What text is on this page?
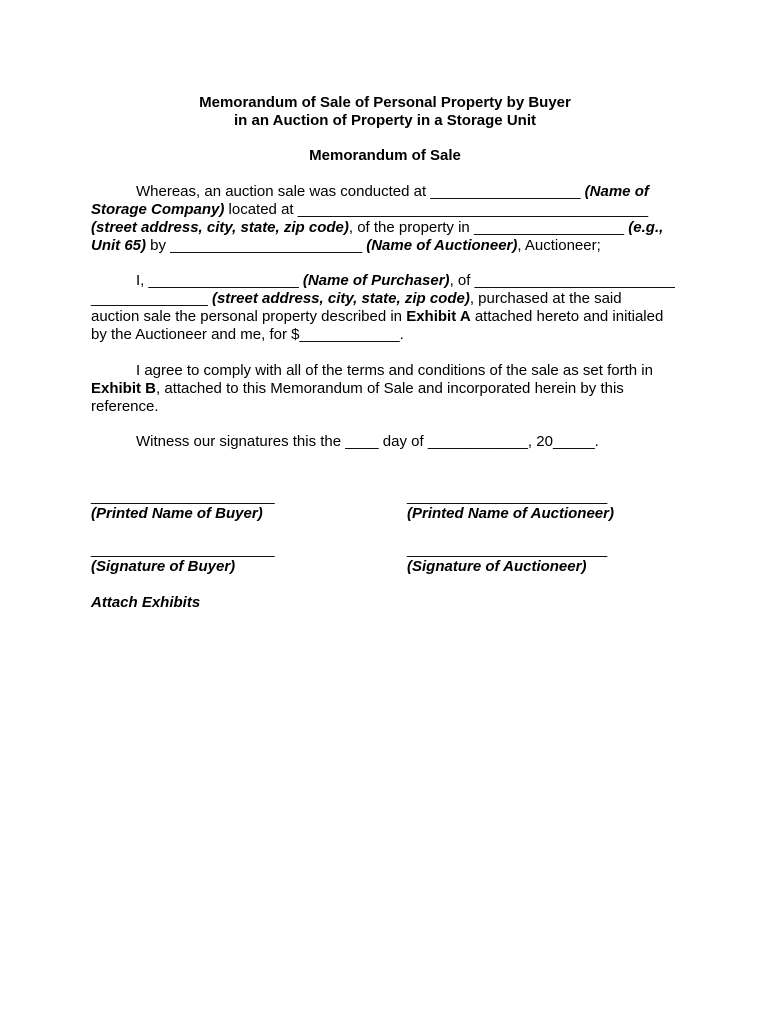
Memorandum of Sale of Personal Property by Buyer
in an Auction of Property in a Storage Unit
Memorandum of Sale
Whereas, an auction sale was conducted at __________________ (Name of
Storage Company) located at __________________________________________
(street address, city, state, zip code), of the property in __________________ (e.g.,
Unit 65) by _______________________ (Name of Auctioneer), Auctioneer;
I, __________________ (Name of Purchaser), of ________________________
______________ (street address, city, state, zip code), purchased at the said
auction sale the personal property described in Exhibit A attached hereto and initialed
by the Auctioneer and me, for $____________.
I agree to comply with all of the terms and conditions of the sale as set forth in
Exhibit B, attached to this Memorandum of Sale and incorporated herein by this
reference.
Witness our signatures this the ____ day of ____________, 20_____.
______________________	________________________
(Printed Name of Buyer)	(Printed Name of Auctioneer)
______________________	________________________
(Signature of Buyer)	(Signature of Auctioneer)
Attach Exhibits
